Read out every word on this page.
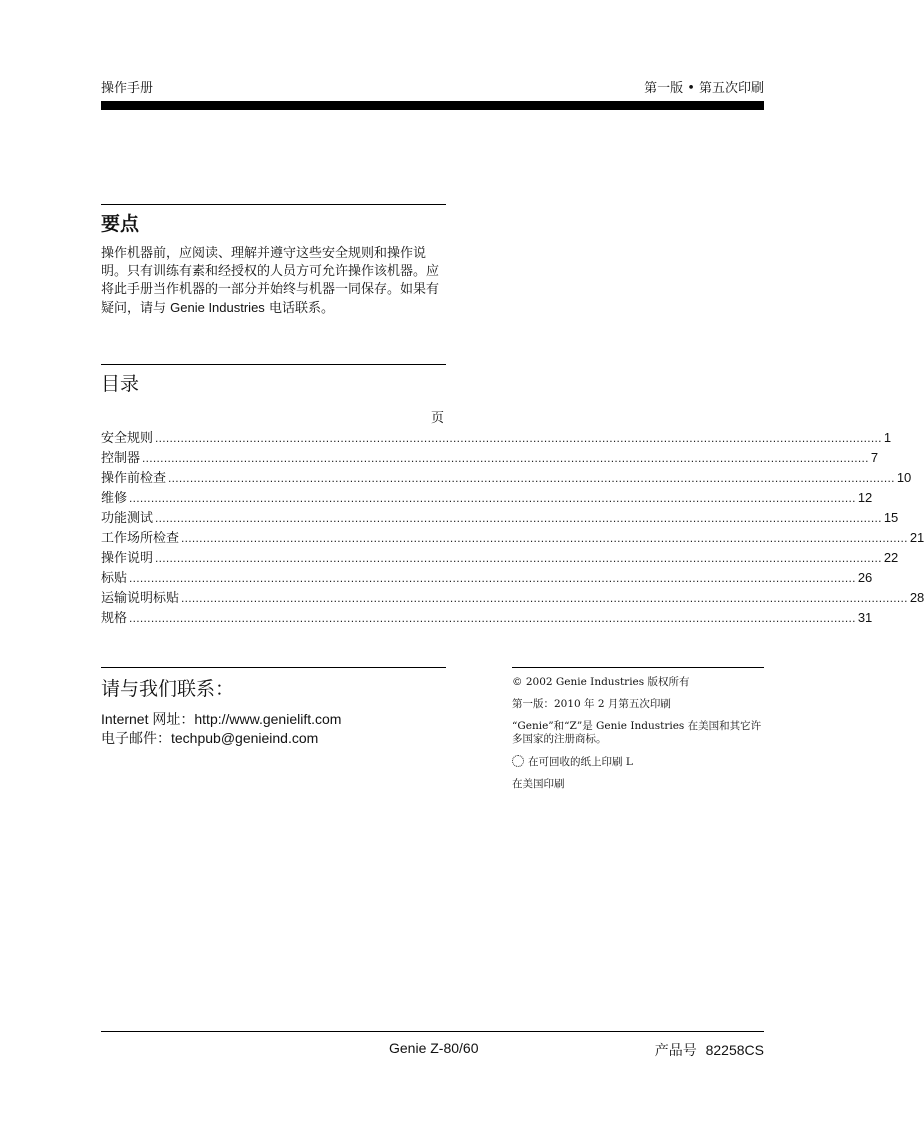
操作手册	第一版 • 第五次印刷
要点
操作机器前，应阅读、理解并遵守这些安全规则和操作说明。只有训练有素和经授权的人员方可允许操作该机器。应将此手册当作机器的一部分并始终与机器一同保存。如果有疑问，请与 Genie Industries 电话联系。
目录
页
安全规则 ........................................................................................................................................................................................................ 1
控制器 ........................................................................................................................................................................................................ 7
操作前检查 ........................................................................................................................................................................................................ 10
维修 ........................................................................................................................................................................................................ 12
功能测试 ........................................................................................................................................................................................................ 15
工作场所检查 ........................................................................................................................................................................................................ 21
操作说明 ........................................................................................................................................................................................................ 22
标贴 ........................................................................................................................................................................................................ 26
运输说明标贴 ........................................................................................................................................................................................................ 28
规格 ........................................................................................................................................................................................................ 31
请与我们联系：
Internet 网址：http://www.genielift.com
电子邮件：techpub@genieind.com

© 2002 Genie Industries 版权所有

第一版：2010 年 2 月第五次印刷

“Genie”和“Z”是 Genie Industries 在美国和其它许多国家的注册商标。

在可回收的纸上印刷 L

在美国印刷

Genie Z-80/60	产品号 82258CS
